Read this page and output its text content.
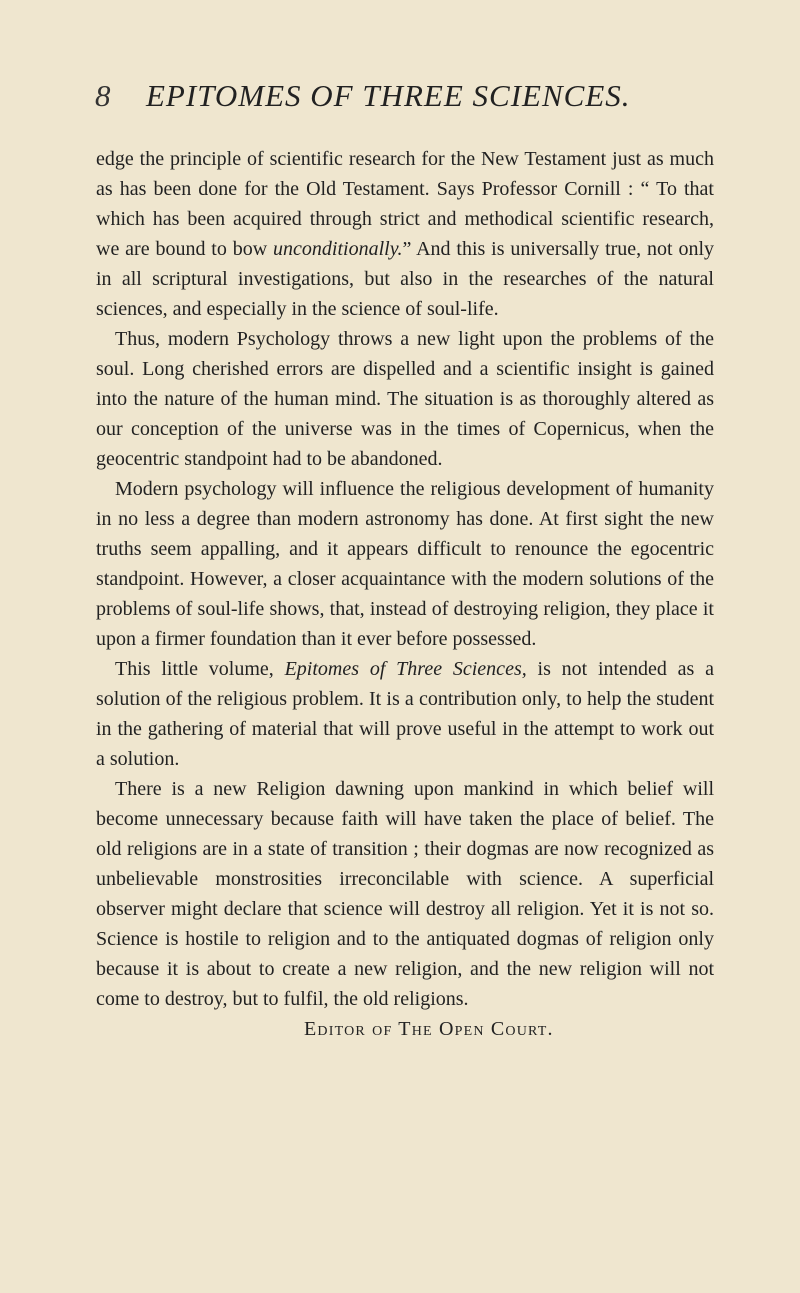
8 EPITOMES OF THREE SCIENCES.

edge the principle of scientific research for the New Testament just as much as has been done for the Old Testament. Says Professor Cornill : “ To that which has been acquired through strict and methodical scientific research, we are bound to bow unconditionally.” And this is universally true, not only in all scriptural investigations, but also in the researches of the natural sciences, and especially in the science of soul-life.

Thus, modern Psychology throws a new light upon the problems of the soul. Long cherished errors are dispelled and a scientific insight is gained into the nature of the human mind. The situation is as thoroughly altered as our conception of the universe was in the times of Copernicus, when the geocentric standpoint had to be abandoned.

Modern psychology will influence the religious development of humanity in no less a degree than modern astronomy has done. At first sight the new truths seem appalling, and it appears difficult to renounce the egocentric standpoint. However, a closer acquaintance with the modern solutions of the problems of soul-life shows, that, instead of destroying religion, they place it upon a firmer foundation than it ever before possessed.

This little volume, Epitomes of Three Sciences, is not intended as a solution of the religious problem. It is a contribution only, to help the student in the gathering of material that will prove useful in the attempt to work out a solution.

There is a new Religion dawning upon mankind in which belief will become unnecessary because faith will have taken the place of belief. The old religions are in a state of transition ; their dogmas are now recognized as unbelievable monstrosities irreconcilable with science. A superficial observer might declare that science will destroy all religion. Yet it is not so. Science is hostile to religion and to the antiquated dogmas of religion only because it is about to create a new religion, and the new religion will not come to destroy, but to fulfil, the old religions.

Editor of The Open Court.
